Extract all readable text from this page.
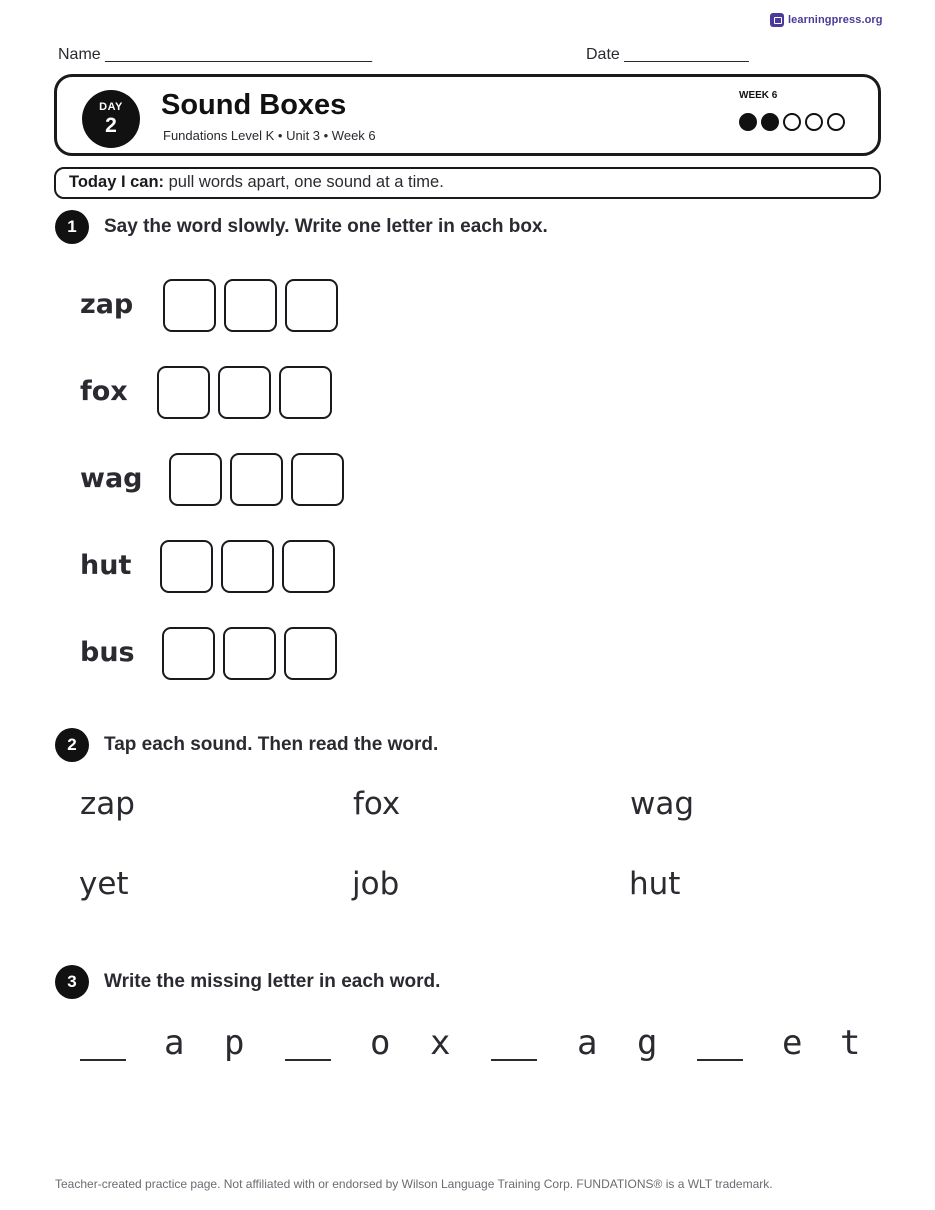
learningpress.org
Name ______________________________	Date ______________
DAY
2
Sound Boxes
Fundations Level K • Unit 3 • Week 6
WEEK 6
Today I can: pull words apart, one sound at a time.
1	Say the word slowly. Write one letter in each box.
zap
fox
wag
hut
bus
2	Tap each sound. Then read the word.
zap	fox	wag
yet	job	hut
3	Write the missing letter in each word.
a p	o x	a g	e t
Teacher-created practice page. Not affiliated with or endorsed by Wilson Language Training Corp. FUNDATIONS® is a WLT trademark.
